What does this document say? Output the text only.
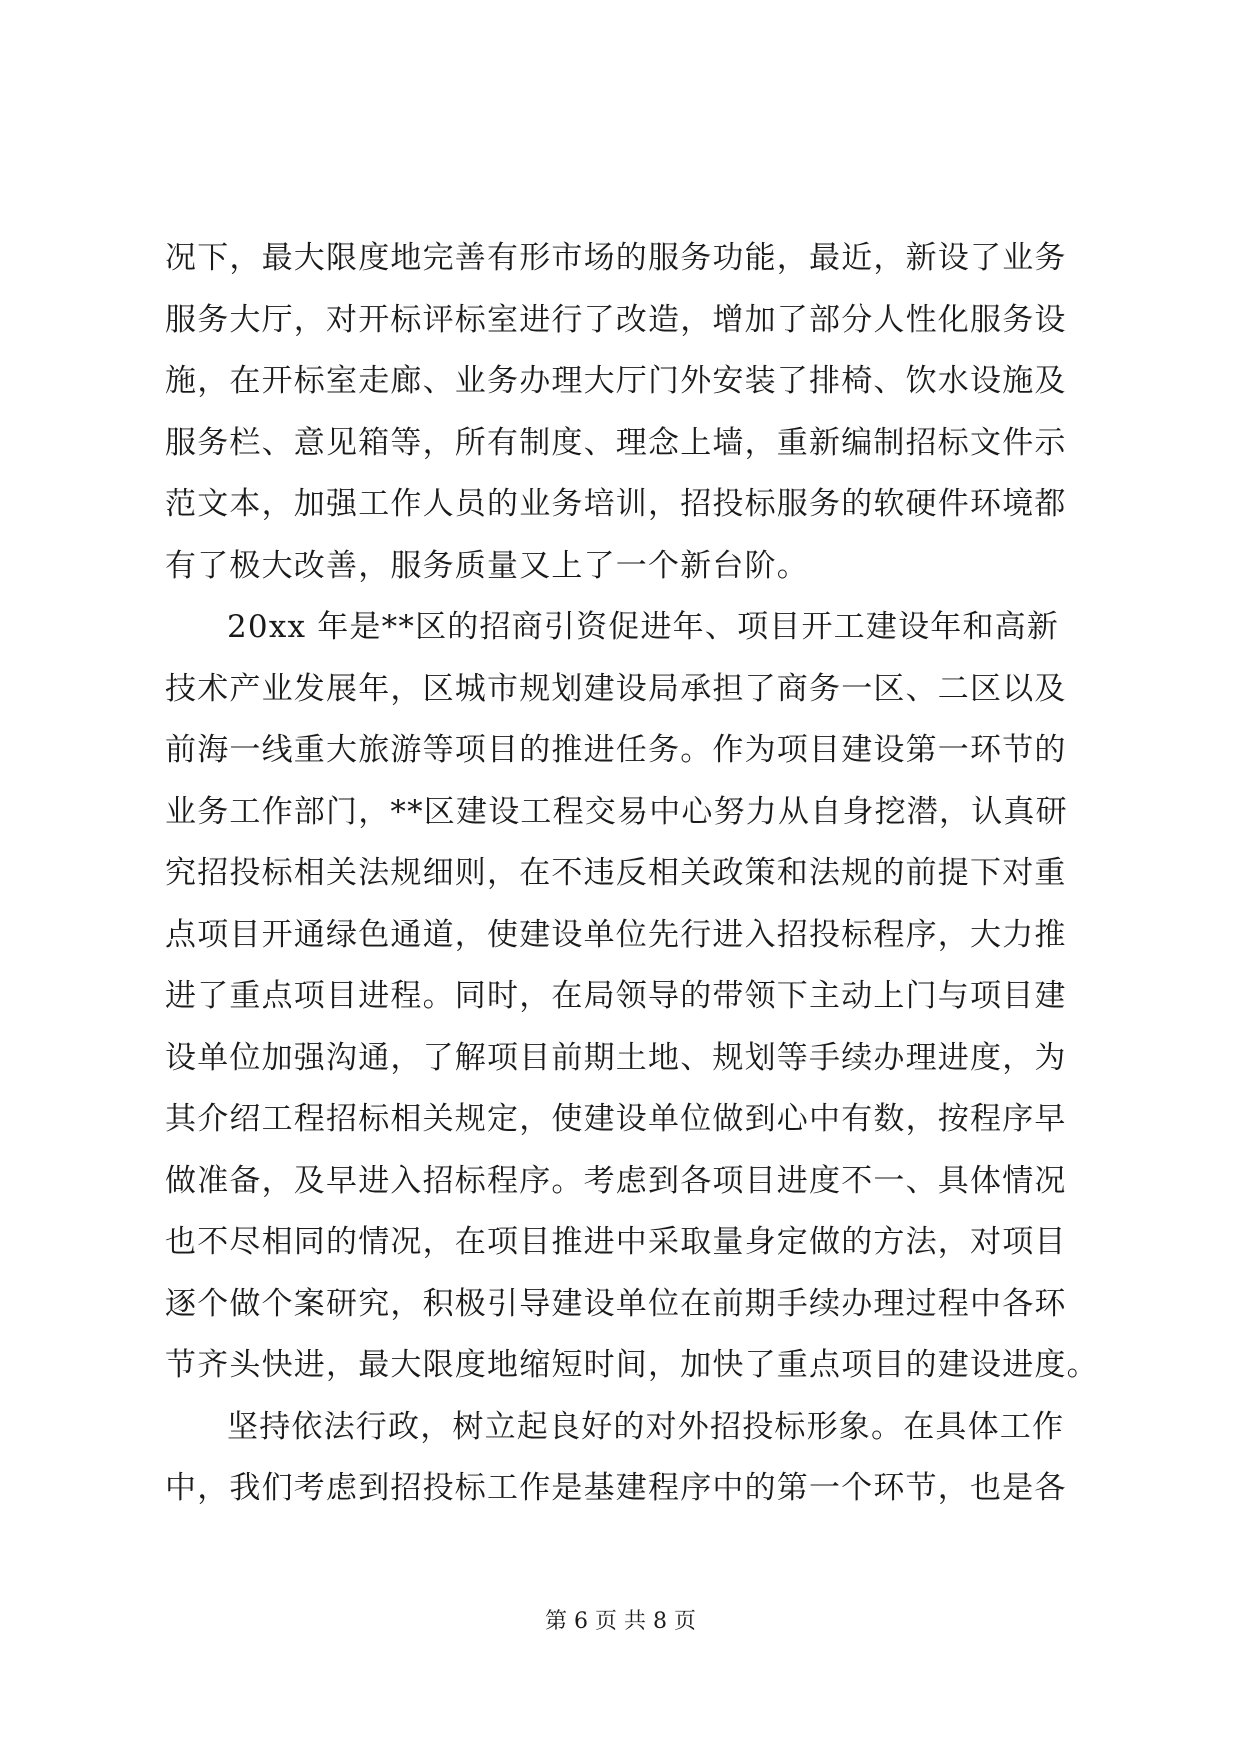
况下，最大限度地完善有形市场的服务功能，最近，新设了业务
服务大厅，对开标评标室进行了改造，增加了部分人性化服务设
施，在开标室走廊、业务办理大厅门外安装了排椅、饮水设施及
服务栏、意见箱等，所有制度、理念上墙，重新编制招标文件示
范文本，加强工作人员的业务培训，招投标服务的软硬件环境都
有了极大改善，服务质量又上了一个新台阶。
20xx 年是**区的招商引资促进年、项目开工建设年和高新
技术产业发展年，区城市规划建设局承担了商务一区、二区以及
前海一线重大旅游等项目的推进任务。作为项目建设第一环节的
业务工作部门，**区建设工程交易中心努力从自身挖潜，认真研
究招投标相关法规细则，在不违反相关政策和法规的前提下对重
点项目开通绿色通道，使建设单位先行进入招投标程序，大力推
进了重点项目进程。同时，在局领导的带领下主动上门与项目建
设单位加强沟通，了解项目前期土地、规划等手续办理进度，为
其介绍工程招标相关规定，使建设单位做到心中有数，按程序早
做准备，及早进入招标程序。考虑到各项目进度不一、具体情况
也不尽相同的情况，在项目推进中采取量身定做的方法，对项目
逐个做个案研究，积极引导建设单位在前期手续办理过程中各环
节齐头快进，最大限度地缩短时间，加快了重点项目的建设进度。
坚持依法行政，树立起良好的对外招投标形象。在具体工作
中，我们考虑到招投标工作是基建程序中的第一个环节，也是各
第 6 页 共 8 页
